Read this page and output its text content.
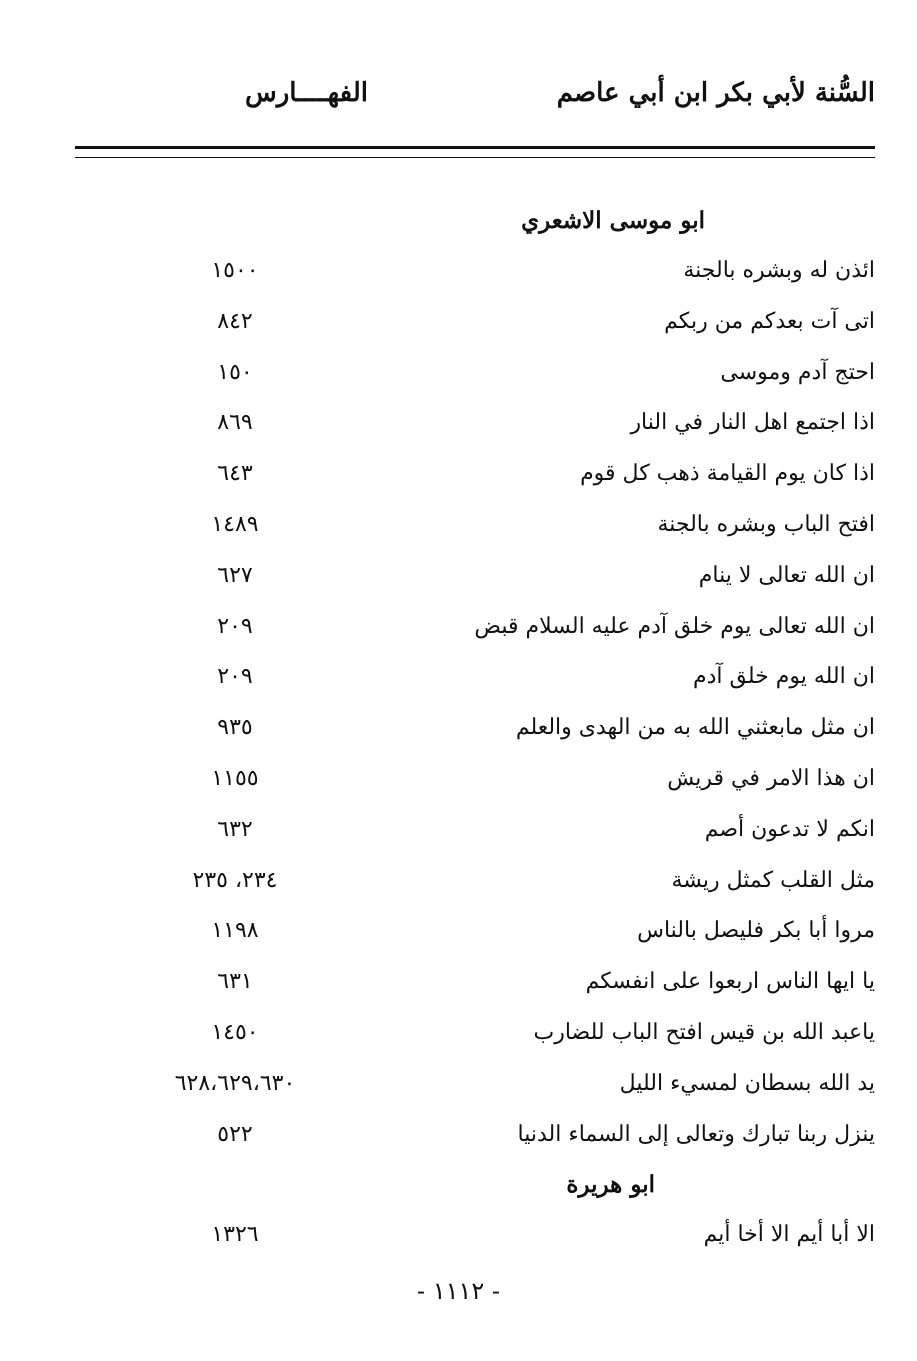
السُّنة لأبي بكر ابن أبي عاصم
الفهــــارس
ابو موسى الاشعري
ائذن له وبشره بالجنة
١٥٠٠
اتى آت بعدكم من ربكم
٨٤٢
احتج آدم وموسى
١٥٠
اذا اجتمع اهل النار في النار
٨٦٩
اذا كان يوم القيامة ذهب كل قوم
٦٤٣
افتح الباب وبشره بالجنة
١٤٨٩
ان الله تعالى لا ينام
٦٢٧
ان الله تعالى يوم خلق آدم عليه السلام قبض
٢٠٩
ان الله يوم خلق آدم
٢٠٩
ان مثل مابعثني الله به من الهدى والعلم
٩٣٥
ان هذا الامر في قريش
١١٥٥
انكم لا تدعون أصم
٦٣٢
مثل القلب كمثل ريشة
٢٣٤، ٢٣٥
مروا أبا بكر فليصل بالناس
١١٩٨
يا ايها الناس اربعوا على انفسكم
٦٣١
ياعبد الله بن قيس افتح الباب للضارب
١٤٥٠
يد الله بسطان لمسيء الليل
٦٢٨،٦٢٩،٦٣٠
ينزل ربنا تبارك وتعالى إلى السماء الدنيا
٥٢٢
ابو هريرة
الا أبا أيم الا أخا أيم
١٣٢٦
- ١١١٢ -
